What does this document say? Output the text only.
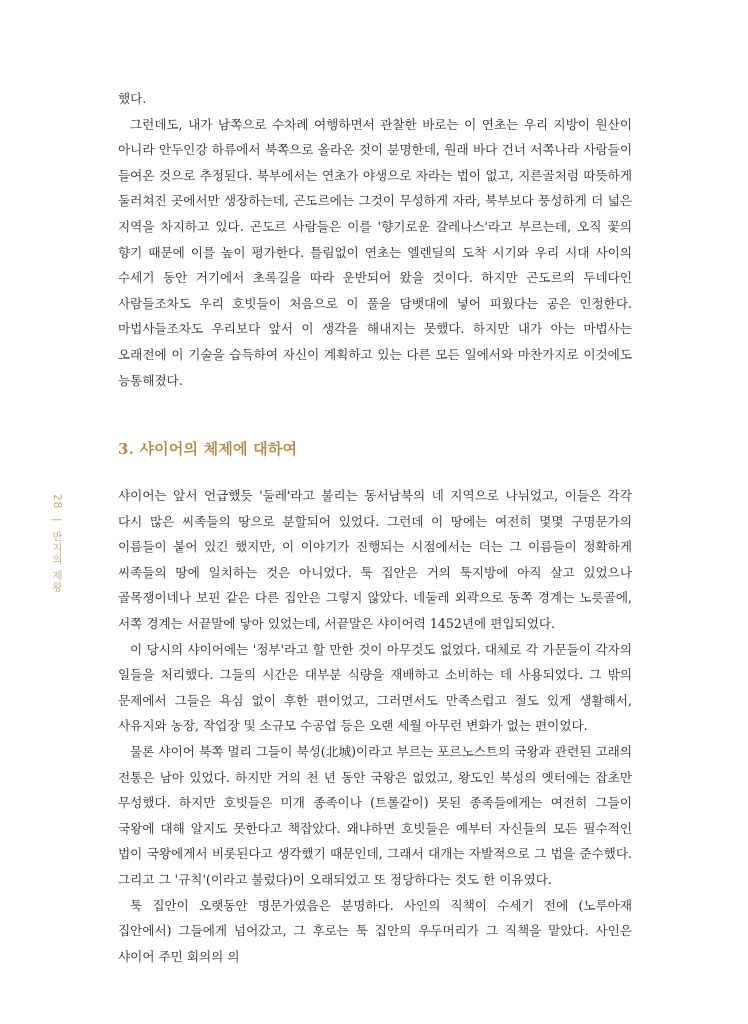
했다.

그런데도, 내가 남쪽으로 수차례 여행하면서 관찰한 바로는 이 연초는 우리 지방이 원산이 아니라 안두인강 하류에서 북쪽으로 올라온 것이 분명한데, 원래 바다 건너 서쪽나라 사람들이 들여온 것으로 추정된다. 북부에서는 연초가 야생으로 자라는 법이 없고, 지른골처럼 따뜻하게 둘러쳐진 곳에서만 생장하는데, 곤도르에는 그것이 무성하게 자라, 북부보다 풍성하게 더 넓은 지역을 차지하고 있다. 곤도르 사람들은 이를 '향기로운 갈레나스'라고 부르는데, 오직 꽃의 향기 때문에 이를 높이 평가한다. 틀림없이 연초는 엘렌딜의 도착 시기와 우리 시대 사이의 수세기 동안 거기에서 초록길을 따라 운반되어 왔을 것이다. 하지만 곤도르의 두네다인 사람들조차도 우리 호빗들이 처음으로 이 풀을 담뱃대에 넣어 피웠다는 공은 인정한다. 마법사들조차도 우리보다 앞서 이 생각을 해내지는 못했다. 하지만 내가 아는 마법사는 오래전에 이 기술을 습득하여 자신이 계획하고 있는 다른 모든 일에서와 마찬가지로 이것에도 능통해졌다.

3. 샤이어의 체제에 대하여

샤이어는 앞서 언급했듯 '둘레'라고 불리는 동서남북의 네 지역으로 나뉘었고, 이들은 각각 다시 많은 씨족들의 땅으로 분할되어 있었다. 그런데 이 땅에는 여전히 몇몇 구명문가의 이름들이 붙어 있긴 했지만, 이 이야기가 진행되는 시점에서는 더는 그 이름들이 정확하게 씨족들의 땅에 일치하는 것은 아니었다. 툭 집안은 거의 툭지방에 아직 살고 있었으나 골목쟁이네나 보핀 같은 다른 집안은 그렇지 않았다. 네둘레 외곽으로 동쪽 경계는 노릇골에, 서쪽 경계는 서끝말에 닿아 있었는데, 서끝말은 샤이어력 1452년에 편입되었다.

이 당시의 샤이어에는 '정부'라고 할 만한 것이 아무것도 없었다. 대체로 각 가문들이 각자의 일들을 처리했다. 그들의 시간은 대부분 식량을 재배하고 소비하는 데 사용되었다. 그 밖의 문제에서 그들은 욕심 없이 후한 편이었고, 그러면서도 만족스럽고 절도 있게 생활해서, 사유지와 농장, 작업장 및 소규모 수공업 등은 오랜 세월 아무런 변화가 없는 편이었다.

물론 샤이어 북쪽 멀리 그들이 북성(北城)이라고 부르는 포르노스트의 국왕과 관련된 고래의 전통은 남아 있었다. 하지만 거의 천 년 동안 국왕은 없었고, 왕도인 북성의 옛터에는 잡초만 무성했다. 하지만 호빗들은 미개 종족이나 (트롤같이) 못된 종족들에게는 여전히 그들이 국왕에 대해 알지도 못한다고 책잡았다. 왜냐하면 호빗들은 예부터 자신들의 모든 필수적인 법이 국왕에게서 비롯된다고 생각했기 때문인데, 그래서 대개는 자발적으로 그 법을 준수했다. 그리고 그 '규칙'(이라고 불렀다)이 오래되었고 또 정당하다는 것도 한 이유였다.

툭 집안이 오랫동안 명문가였음은 분명하다. 사인의 직책이 수세기 전에 (노루아재 집안에서) 그들에게 넘어갔고, 그 후로는 툭 집안의 우두머리가 그 직책을 맡았다. 사인은 샤이어 주민 회의의 의

28 | 반지의 제왕
